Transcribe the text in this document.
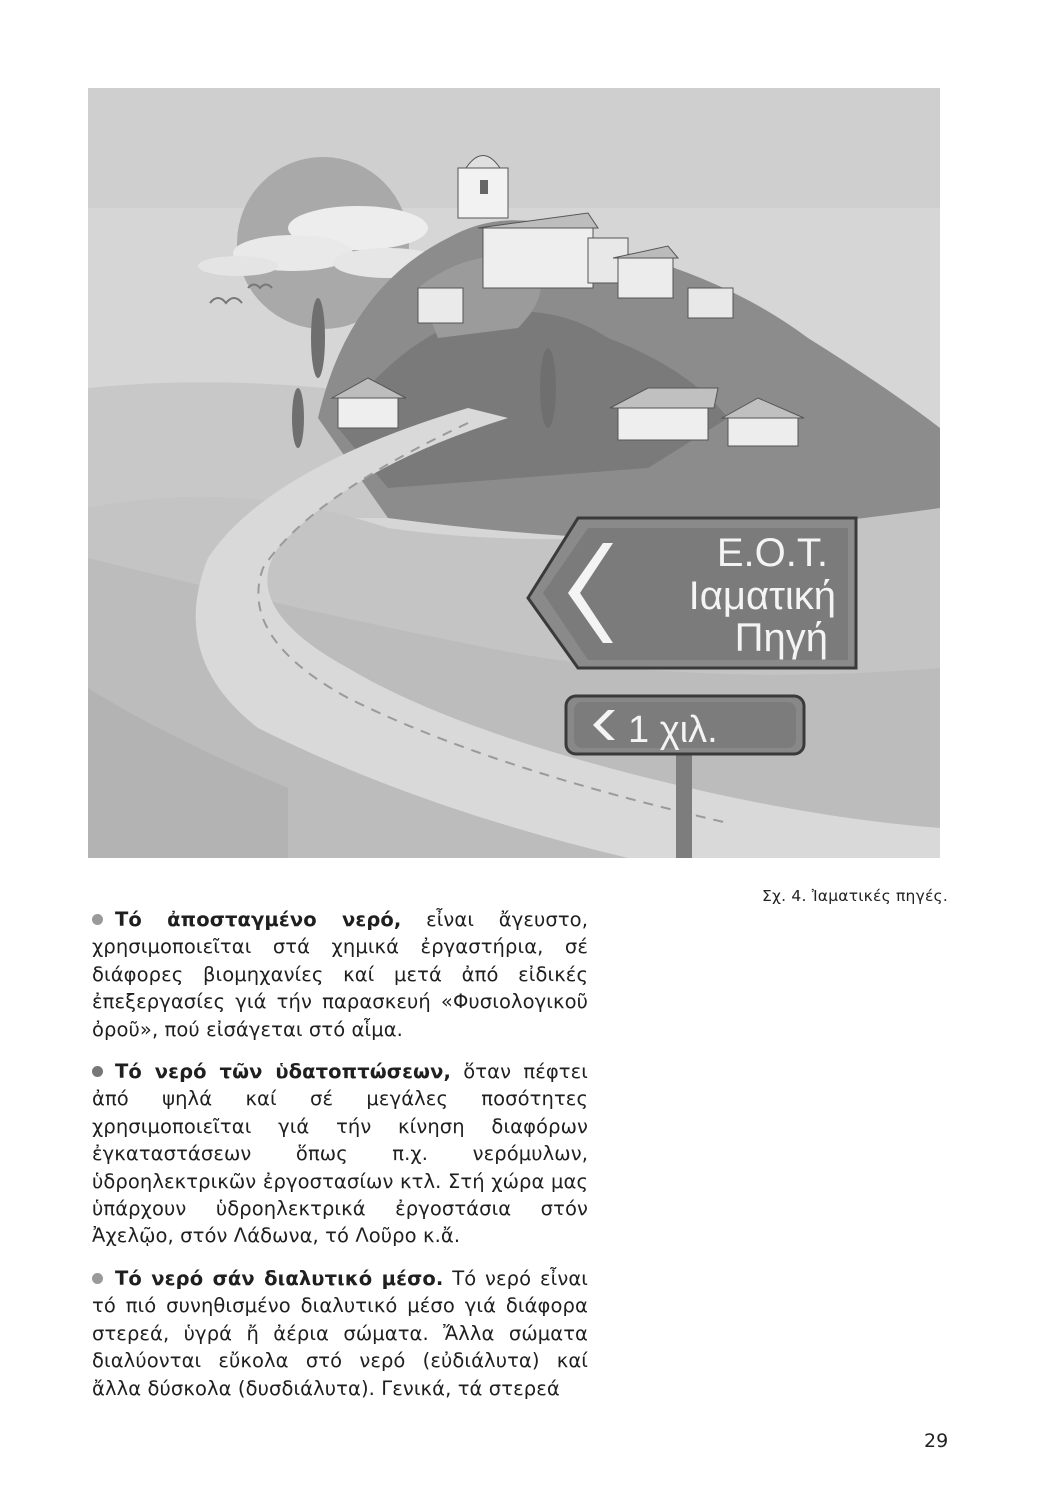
Ε.Ο.Τ.
Ιαματική
Πηγή
1 χιλ.
Σχ. 4. Ἰαματικές πηγές.

Τό ἀποσταγμένο νερό, εἶναι ἄγευστο, χρησιμοποιεῖται στά χημικά ἐργαστήρια, σέ διάφορες βιομηχανίες καί μετά ἀπό εἰδικές ἐπεξεργασίες γιά τήν παρασκευή «Φυσιολογικοῦ ὀροῦ», πού εἰσάγεται στό αἷμα.

Τό νερό τῶν ὑδατοπτώσεων, ὅταν πέφτει ἀπό ψηλά καί σέ μεγάλες ποσότητες χρησιμοποιεῖται γιά τήν κίνηση διαφόρων ἐγκαταστάσεων ὅπως π.χ. νερόμυλων, ὑδροηλεκτρικῶν ἐργοστασίων κτλ. Στή χώρα μας ὑπάρχουν ὑδροηλεκτρικά ἐργοστάσια στόν Ἀχελῷο, στόν Λάδωνα, τό Λοῦρο κ.ἄ.

Τό νερό σάν διαλυτικό μέσο. Τό νερό εἶναι τό πιό συνηθισμένο διαλυτικό μέσο γιά διάφορα στερεά, ὑγρά ἤ ἀέρια σώματα. Ἄλλα σώματα διαλύονται εὔκολα στό νερό (εὐδιάλυτα) καί ἄλλα δύσκολα (δυσδιάλυτα). Γενικά, τά στερεά

29
